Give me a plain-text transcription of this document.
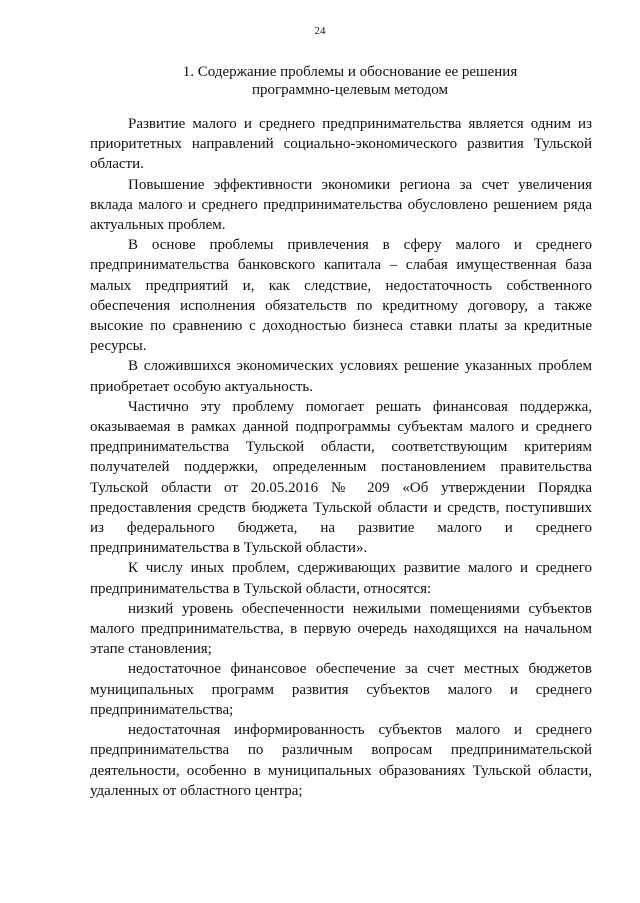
24
1. Содержание проблемы и обоснование ее решения
программно-целевым методом

Развитие малого и среднего предпринимательства является одним из приоритетных направлений социально-экономического развития Тульской области.

Повышение эффективности экономики региона за счет увеличения вклада малого и среднего предпринимательства обусловлено решением ряда актуальных проблем.

В основе проблемы привлечения в сферу малого и среднего предпринимательства банковского капитала – слабая имущественная база малых предприятий и, как следствие, недостаточность собственного обеспечения исполнения обязательств по кредитному договору, а также высокие по сравнению с доходностью бизнеса ставки платы за кредитные ресурсы.

В сложившихся экономических условиях решение указанных проблем приобретает особую актуальность.

Частично эту проблему помогает решать финансовая поддержка, оказываемая в рамках данной подпрограммы субъектам малого и среднего предпринимательства Тульской области, соответствующим критериям получателей поддержки, определенным постановлением правительства Тульской области от 20.05.2016 № 209 «Об утверждении Порядка предоставления средств бюджета Тульской области и средств, поступивших из федерального бюджета, на развитие малого и среднего предпринимательства в Тульской области».

К числу иных проблем, сдерживающих развитие малого и среднего предпринимательства в Тульской области, относятся:

низкий уровень обеспеченности нежилыми помещениями субъектов малого предпринимательства, в первую очередь находящихся на начальном этапе становления;

недостаточное финансовое обеспечение за счет местных бюджетов муниципальных программ развития субъектов малого и среднего предпринимательства;

недостаточная информированность субъектов малого и среднего предпринимательства по различным вопросам предпринимательской деятельности, особенно в муниципальных образованиях Тульской области, удаленных от областного центра;
